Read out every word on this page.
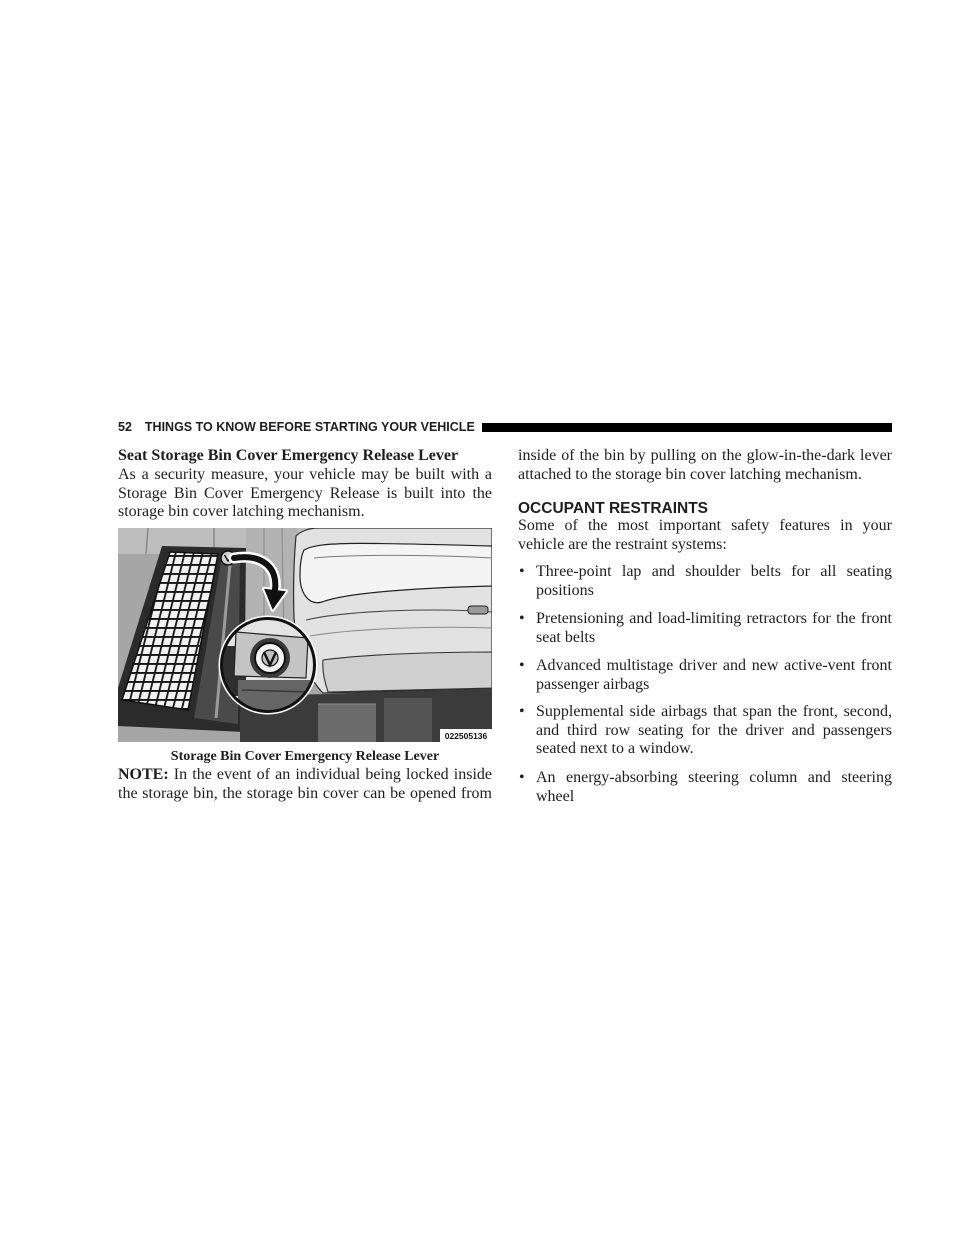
52 THINGS TO KNOW BEFORE STARTING YOUR VEHICLE
Seat Storage Bin Cover Emergency Release Lever
As a security measure, your vehicle may be built with a
Storage Bin Cover Emergency Release is built into the
storage bin cover latching mechanism.
022505136
Storage Bin Cover Emergency Release Lever
NOTE: In the event of an individual being locked inside
the storage bin, the storage bin cover can be opened from
inside of the bin by pulling on the glow-in-the-dark lever
attached to the storage bin cover latching mechanism.
OCCUPANT RESTRAINTS
Some of the most important safety features in your
vehicle are the restraint systems:
• Three-point lap and shoulder belts for all seating
positions
• Pretensioning and load-limiting retractors for the front
seat belts
• Advanced multistage driver and new active-vent front
passenger airbags
• Supplemental side airbags that span the front, second,
and third row seating for the driver and passengers
seated next to a window.
• An energy-absorbing steering column and steering
wheel
